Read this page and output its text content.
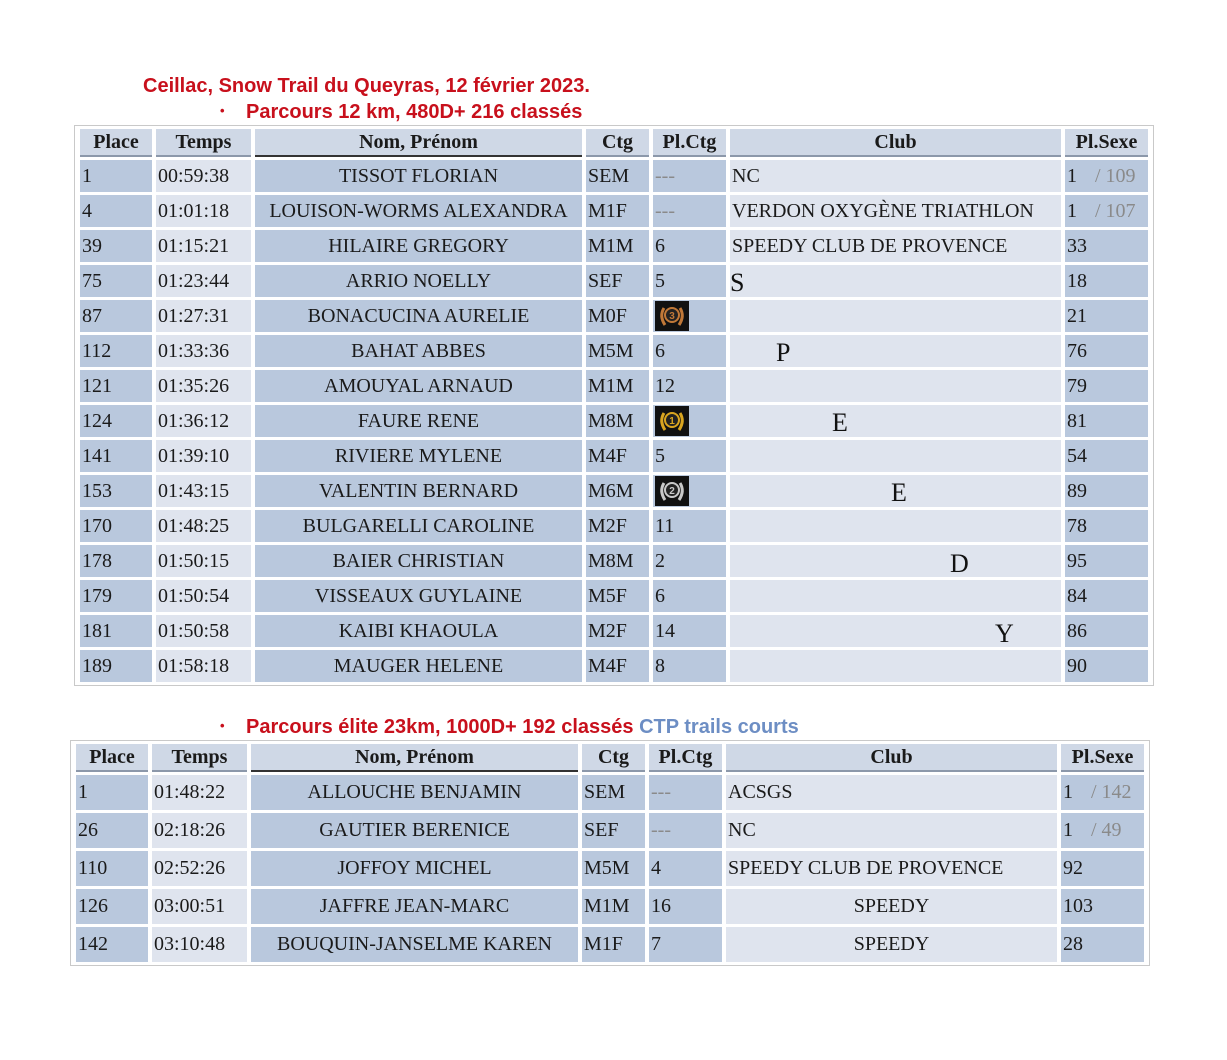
Ceillac, Snow Trail du Queyras, 12 février 2023.
• Parcours 12 km, 480D+ 216 classés
Place	Temps	Nom, Prénom	Ctg	Pl.Ctg	Club	Pl.Sexe
1	00:59:38	TISSOT FLORIAN	SEM	---	NC	1 / 109
4	01:01:18	LOUISON-WORMS ALEXANDRA	M1F	---	VERDON OXYGÈNE TRIATHLON	1 / 107
39	01:15:21	HILAIRE GREGORY	M1M	6	SPEEDY CLUB DE PROVENCE	33
75	01:23:44	ARRIO NOELLY	SEF	5		18
87	01:27:31	BONACUCINA AURELIE	M0F	3		21
112	01:33:36	BAHAT ABBES	M5M	6		76
121	01:35:26	AMOUYAL ARNAUD	M1M	12		79
124	01:36:12	FAURE RENE	M8M	1		81
141	01:39:10	RIVIERE MYLENE	M4F	5		54
153	01:43:15	VALENTIN BERNARD	M6M	2		89
170	01:48:25	BULGARELLI CAROLINE	M2F	11		78
178	01:50:15	BAIER CHRISTIAN	M8M	2		95
179	01:50:54	VISSEAUX GUYLAINE	M5F	6		84
181	01:50:58	KAIBI KHAOULA	M2F	14		86
189	01:58:18	MAUGER HELENE	M4F	8		90
• Parcours élite 23km, 1000D+ 192 classés CTP trails courts
Place	Temps	Nom, Prénom	Ctg	Pl.Ctg	Club	Pl.Sexe
1	01:48:22	ALLOUCHE BENJAMIN	SEM	---	ACSGS	1 / 142
26	02:18:26	GAUTIER BERENICE	SEF	---	NC	1 / 49
110	02:52:26	JOFFOY MICHEL	M5M	4	SPEEDY CLUB DE PROVENCE	92
126	03:00:51	JAFFRE JEAN-MARC	M1M	16	SPEEDY	103
142	03:10:48	BOUQUIN-JANSELME KAREN	M1F	7	SPEEDY	28
S
P
E
E
D
Y
